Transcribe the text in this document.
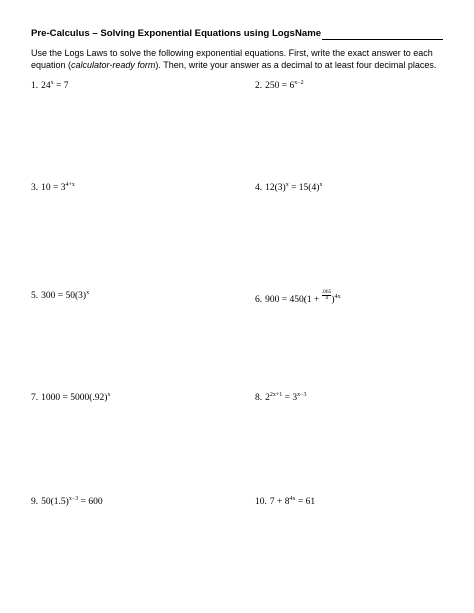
Pre-Calculus – Solving Exponential Equations using Logs Name
Use the Logs Laws to solve the following exponential equations. First, write the exact answer to each equation (calculator-ready form). Then, write your answer as a decimal to at least four decimal places.
1. $24^x = 7$	2. $250 = 6^{x-2}$
3. $10 = 3^{4+x}$	4. $12(3)^x = 15(4)^x$
5. $300 = 50(3)^x$
6. $900 = 450(1 + \frac{.065}{4} )^{4x}$
7. $1000 = 5000(.92)^x$	8. $2^{2x+1} = 3^{x-3}$
9. $50(1.5)^{x-3} = 600$	10. $7 + 8^{4x} = 61$
